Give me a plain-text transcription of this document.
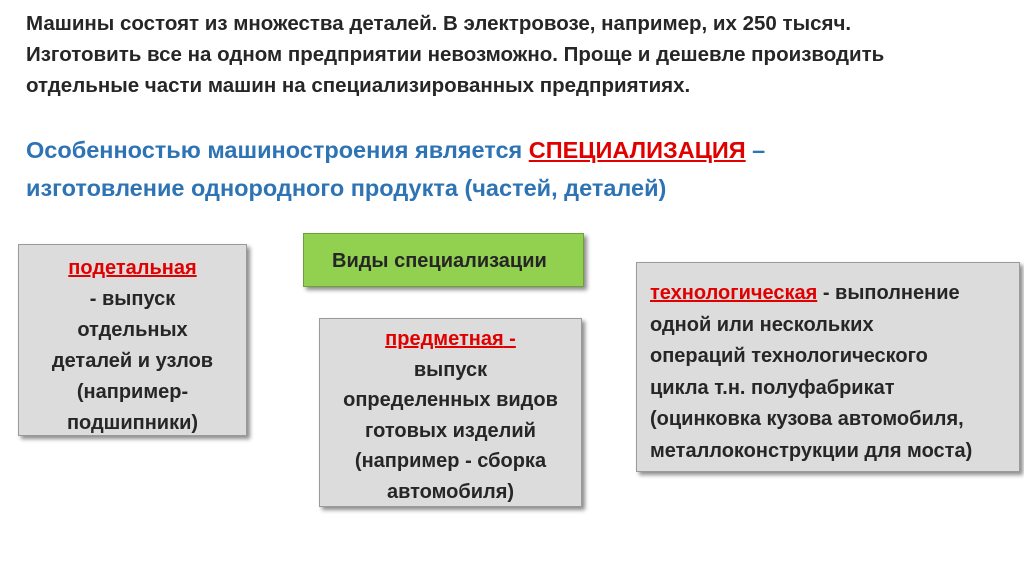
Машины состоят из множества деталей. В электровозе, например, их 250 тысяч.
Изготовить все на одном предприятии невозможно. Проще и дешевле производить
отдельные части машин на специализированных предприятиях.
Особенностью машиностроения является СПЕЦИАЛИЗАЦИЯ –
изготовление однородного продукта (частей, деталей)
Виды специализации
подетальная
- выпуск
отдельных
деталей и узлов
(например-
подшипники)
предметная -
выпуск
определенных видов
готовых изделий
(например - сборка
автомобиля)
технологическая - выполнение
одной или нескольких
операций технологического
цикла т.н. полуфабрикат
(оцинковка кузова автомобиля,
металлоконструкции для моста)
